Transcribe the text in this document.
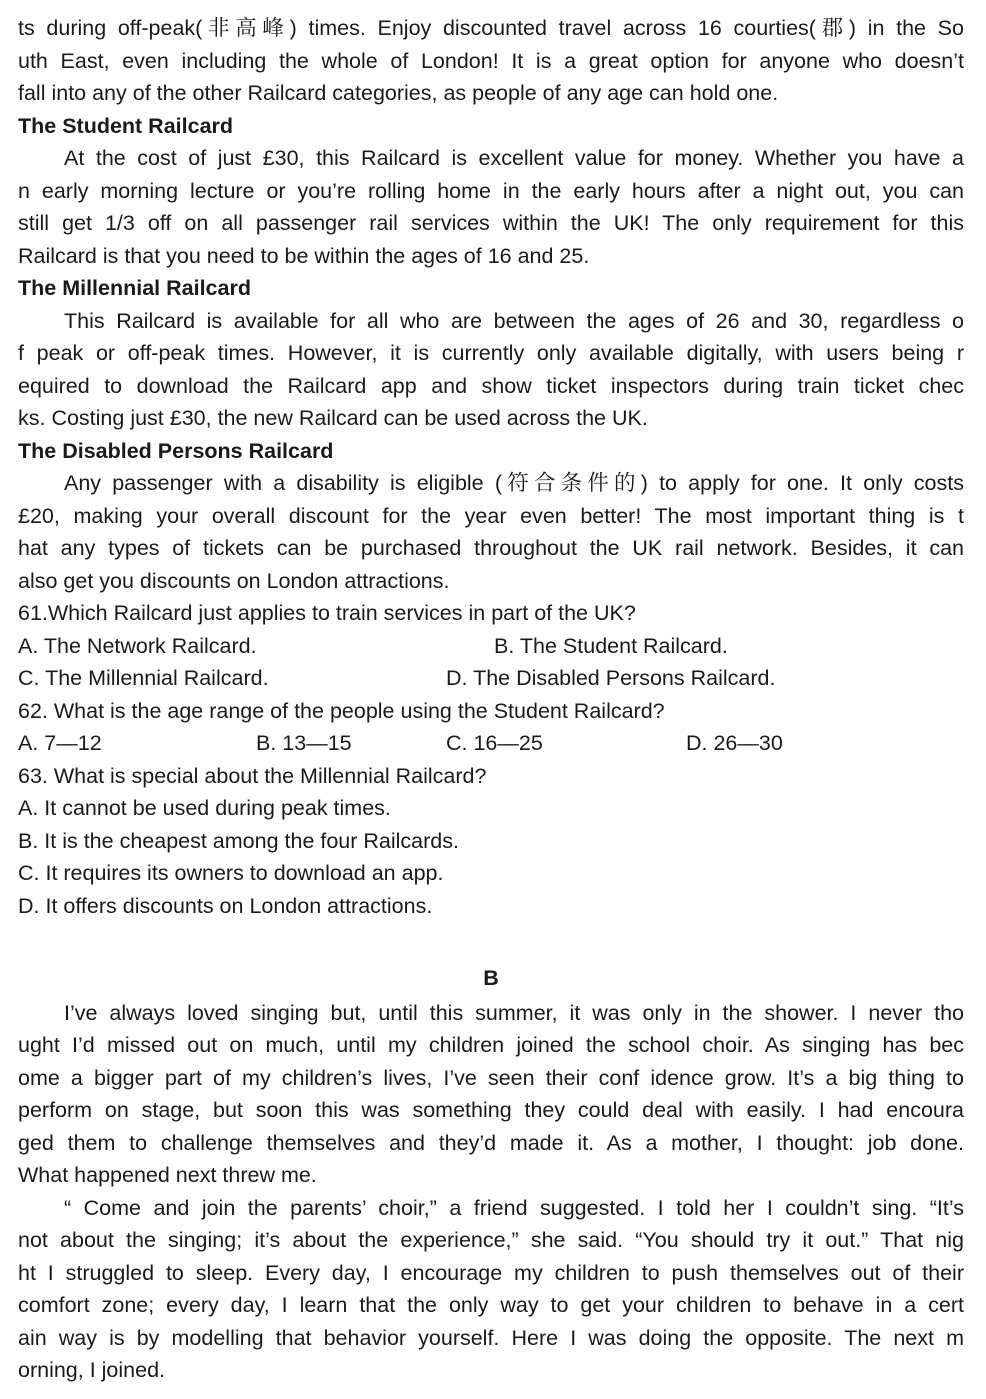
ts during off-peak(非高峰) times. Enjoy discounted travel across 16 courties(郡) in the So
uth East, even including the whole of London! It is a great option for anyone who doesn’t
fall into any of the other Railcard categories, as people of any age can hold one.
The Student Railcard
At the cost of just £30, this Railcard is excellent value for money. Whether you have a
n early morning lecture or you’re rolling home in the early hours after a night out, you can
still get 1/3 off on all passenger rail services within the UK! The only requirement for this
Railcard is that you need to be within the ages of 16 and 25.
The Millennial Railcard
This Railcard is available for all who are between the ages of 26 and 30, regardless o
f peak or off-peak times. However, it is currently only available digitally, with users being r
equired to download the Railcard app and show ticket inspectors during train ticket chec
ks. Costing just £30, the new Railcard can be used across the UK.
The Disabled Persons Railcard
Any passenger with a disability is eligible (符合条件的) to apply for one. It only costs
£20, making your overall discount for the year even better! The most important thing is t
hat any types of tickets can be purchased throughout the UK rail network. Besides, it can
also get you discounts on London attractions.
61.Which Railcard just applies to train services in part of the UK?
A. The Network Railcard.	B. The Student Railcard.
C. The Millennial Railcard.	D. The Disabled Persons Railcard.
62. What is the age range of the people using the Student Railcard?
A. 7—12	B. 13—15	C. 16—25	D. 26—30
63. What is special about the Millennial Railcard?
A. It cannot be used during peak times.
B. It is the cheapest among the four Railcards.
C. It requires its owners to download an app.
D. It offers discounts on London attractions.
B
I’ve always loved singing but, until this summer, it was only in the shower. I never tho
ught I’d missed out on much, until my children joined the school choir. As singing has bec
ome a bigger part of my children’s lives, I’ve seen their conf idence grow. It’s a big thing to
perform on stage, but soon this was something they could deal with easily. I had encoura
ged them to challenge themselves and they’d made it. As a mother, I thought: job done.
What happened next threw me.
“ Come and join the parents’ choir,” a friend suggested. I told her I couldn’t sing. “It’s
not about the singing; it’s about the experience,” she said. “You should try it out.” That nig
ht I struggled to sleep. Every day, I encourage my children to push themselves out of their
comfort zone; every day, I learn that the only way to get your children to behave in a cert
ain way is by modelling that behavior yourself. Here I was doing the opposite. The next m
orning, I joined.
